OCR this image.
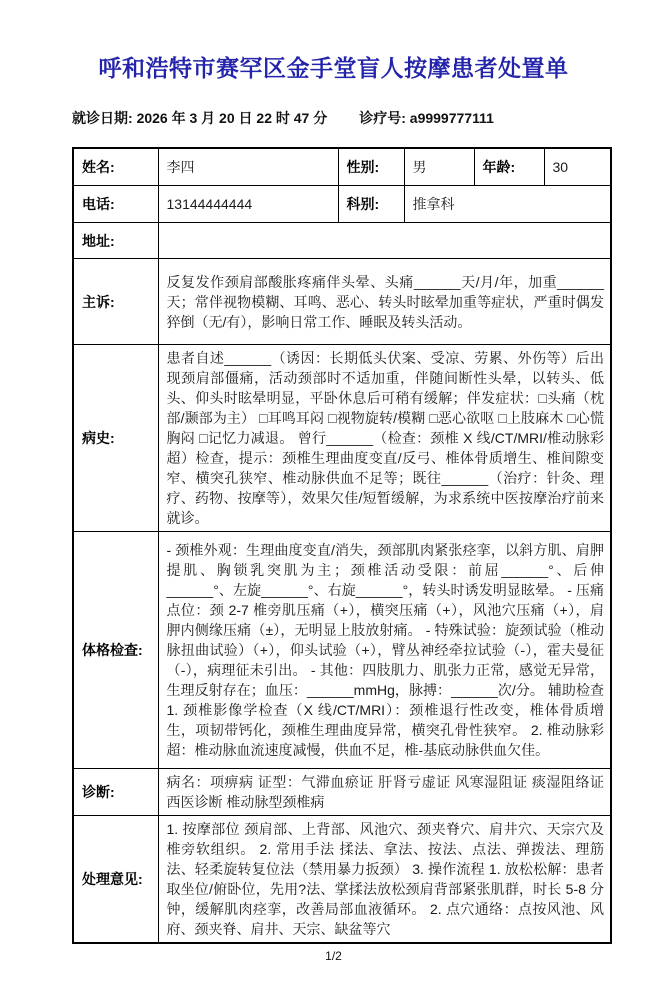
呼和浩特市赛罕区金手堂盲人按摩患者处置单
就诊日期: 2026 年 3 月 20 日 22 时 47 分 诊疗号: a9999777111
姓名:	李四	性别:	男	年龄:	30
电话:	13144444444	科别:	推拿科		
地址:					
主诉:	反复发作颈肩部酸胀疼痛伴头晕、头痛______天/月/年，加重______天；常伴视物模糊、耳鸣、恶心、转头时眩晕加重等症状，严重时偶发猝倒（无/有），影响日常工作、睡眠及转头活动。				
病史:	患者自述______（诱因：长期低头伏案、受凉、劳累、外伤等）后出现颈肩部僵痛，活动颈部时不适加重，伴随间断性头晕，以转头、低头、仰头时眩晕明显，平卧休息后可稍有缓解；伴发症状：□头痛（枕部/颞部为主） □耳鸣耳闷 □视物旋转/模糊 □恶心欲呕 □上肢麻木 □心慌胸闷 □记忆力减退。 曾行______（检查：颈椎 X 线/CT/MRI/椎动脉彩超）检查，提示：颈椎生理曲度变直/反弓、椎体骨质增生、椎间隙变窄、横突孔狭窄、椎动脉供血不足等；既往______（治疗：针灸、理疗、药物、按摩等），效果欠佳/短暂缓解，为求系统中医按摩治疗前来就诊。				
体格检查:	- 颈椎外观：生理曲度变直/消失，颈部肌肉紧张痉挛，以斜方肌、肩胛提肌、胸锁乳突肌为主；颈椎活动受限：前屈______°、后伸______°、左旋______°、右旋______°，转头时诱发明显眩晕。 - 压痛点位：颈 2-7 椎旁肌压痛（+），横突压痛（+），风池穴压痛（+），肩胛内侧缘压痛（±），无明显上肢放射痛。 - 特殊试验：旋颈试验（椎动脉扭曲试验）（+），仰头试验（+），臂丛神经牵拉试验（-），霍夫曼征（-），病理征未引出。 - 其他：四肢肌力、肌张力正常，感觉无异常，生理反射存在；血压：______mmHg，脉搏：______次/分。 辅助检查 1. 颈椎影像学检查（X 线/CT/MRI）：颈椎退行性改变，椎体骨质增生，项韧带钙化，颈椎生理曲度异常，横突孔骨性狭窄。 2. 椎动脉彩超：椎动脉血流速度减慢，供血不足，椎-基底动脉供血欠佳。				
诊断:	病名：项痹病 证型：气滞血瘀证 肝肾亏虚证 风寒湿阻证 痰湿阻络证 西医诊断 椎动脉型颈椎病				
处理意见:	1. 按摩部位 颈肩部、上背部、风池穴、颈夹脊穴、肩井穴、天宗穴及椎旁软组织。 2. 常用手法 揉法、拿法、按法、点法、弹拨法、理筋法、轻柔旋转复位法（禁用暴力扳颈） 3. 操作流程 1. 放松松解：患者取坐位/俯卧位，先用?法、掌揉法放松颈肩背部紧张肌群，时长 5-8 分钟，缓解肌肉痉挛，改善局部血液循环。 2. 点穴通络：点按风池、风府、颈夹脊、肩井、天宗、缺盆等穴				
1/2
